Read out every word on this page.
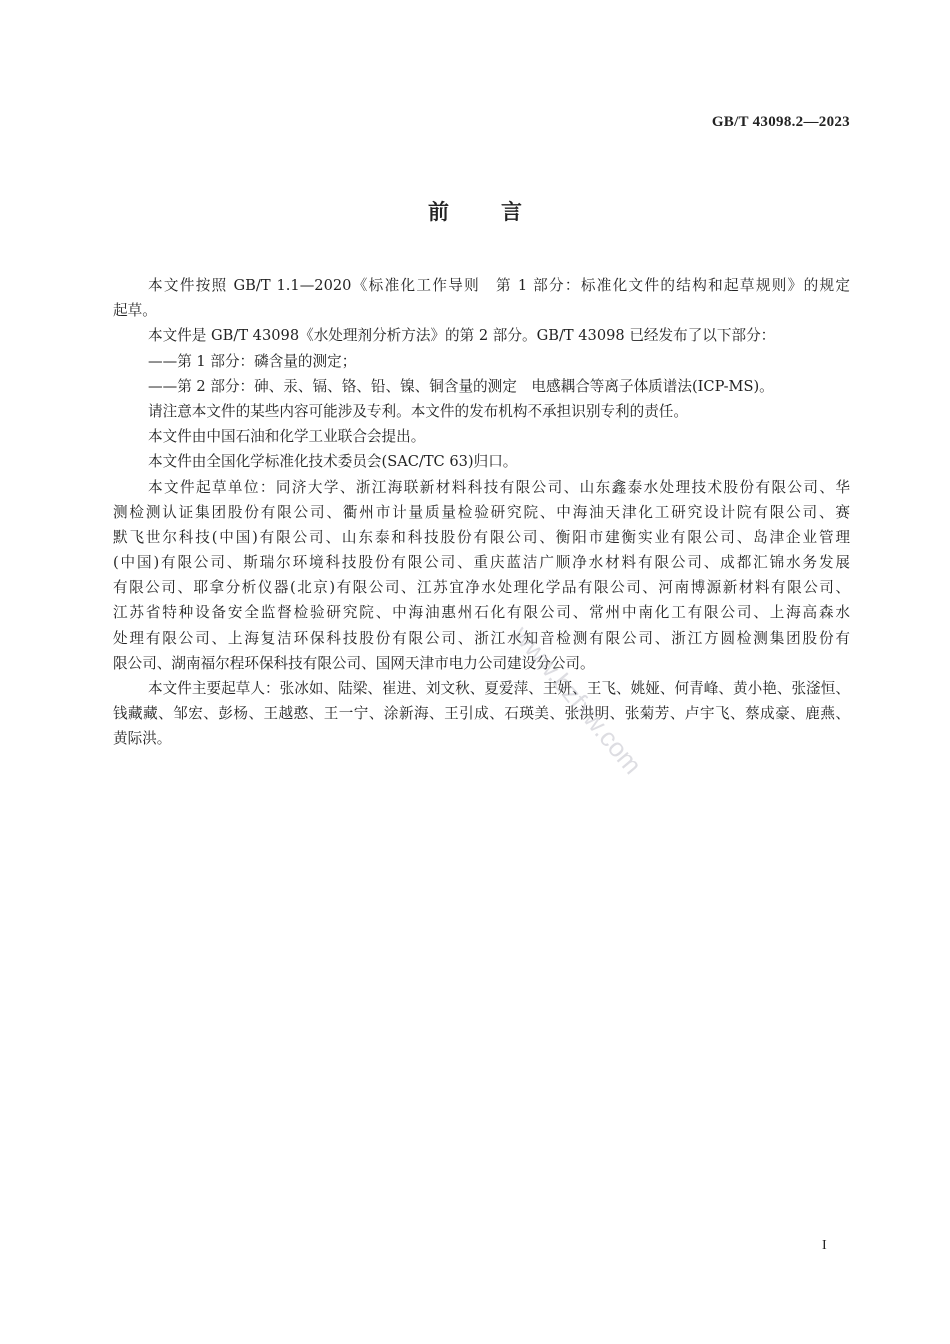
GB/T 43098.2—2023
前言
本文件按照 GB/T 1.1—2020《标准化工作导则　第 1 部分：标准化文件的结构和起草规则》的规定
起草。
本文件是 GB/T 43098《水处理剂分析方法》的第 2 部分。GB/T 43098 已经发布了以下部分：
——第 1 部分：磷含量的测定；
——第 2 部分：砷、汞、镉、铬、铅、镍、铜含量的测定　电感耦合等离子体质谱法(ICP-MS)。
请注意本文件的某些内容可能涉及专利。本文件的发布机构不承担识别专利的责任。
本文件由中国石油和化学工业联合会提出。
本文件由全国化学标准化技术委员会(SAC/TC 63)归口。
本文件起草单位：同济大学、浙江海联新材料科技有限公司、山东鑫泰水处理技术股份有限公司、华
测检测认证集团股份有限公司、衢州市计量质量检验研究院、中海油天津化工研究设计院有限公司、赛
默飞世尔科技(中国)有限公司、山东泰和科技股份有限公司、衡阳市建衡实业有限公司、岛津企业管理
(中国)有限公司、斯瑞尔环境科技股份有限公司、重庆蓝洁广顺净水材料有限公司、成都汇锦水务发展
有限公司、耶拿分析仪器(北京)有限公司、江苏宜净水处理化学品有限公司、河南博源新材料有限公司、
江苏省特种设备安全监督检验研究院、中海油惠州石化有限公司、常州中南化工有限公司、上海高森水
处理有限公司、上海复洁环保科技股份有限公司、浙江水知音检测有限公司、浙江方圆检测集团股份有
限公司、湖南福尔程环保科技有限公司、国网天津市电力公司建设分公司。
本文件主要起草人：张冰如、陆梁、崔进、刘文秋、夏爱萍、王妍、王飞、姚娅、何青峰、黄小艳、张滏恒、
钱藏藏、邹宏、彭杨、王越憨、王一宁、涂新海、王引成、石瑛美、张洪明、张菊芳、卢宇飞、蔡成豪、鹿燕、
黄际洪。	www.bzfxw.com
I
